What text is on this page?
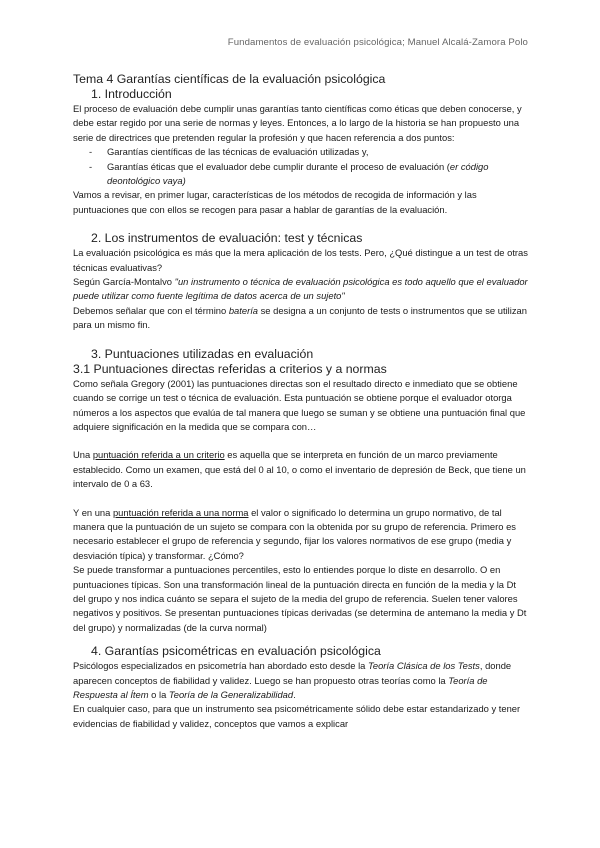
Fundamentos de evaluación psicológica; Manuel Alcalá-Zamora Polo
Tema 4 Garantías científicas de la evaluación psicológica
1. Introducción

El proceso de evaluación debe cumplir unas garantías tanto científicas como éticas que deben conocerse, y debe estar regido por una serie de normas y leyes. Entonces, a lo largo de la historia se han propuesto una serie de directrices que pretenden regular la profesión y que hacen referencia a dos puntos:

- Garantías científicas de las técnicas de evaluación utilizadas y,
- Garantías éticas que el evaluador debe cumplir durante el proceso de evaluación (er código deontológico vaya)

Vamos a revisar, en primer lugar, características de los métodos de recogida de información y las puntuaciones que con ellos se recogen para pasar a hablar de garantías de la evaluación.

2. Los instrumentos de evaluación: test y técnicas

La evaluación psicológica es más que la mera aplicación de los tests. Pero, ¿Qué distingue a un test de otras técnicas evaluativas?

Según García-Montalvo "un instrumento o técnica de evaluación psicológica es todo aquello que el evaluador puede utilizar como fuente legítima de datos acerca de un sujeto"

Debemos señalar que con el término batería se designa a un conjunto de tests o instrumentos que se utilizan para un mismo fin.

3. Puntuaciones utilizadas en evaluación
3.1 Puntuaciones directas referidas a criterios y a normas

Como señala Gregory (2001) las puntuaciones directas son el resultado directo e inmediato que se obtiene cuando se corrige un test o técnica de evaluación. Esta puntuación se obtiene porque el evaluador otorga números a los aspectos que evalúa de tal manera que luego se suman y se obtiene una puntuación final que adquiere significación en la medida que se compara con…

Una puntuación referida a un criterio es aquella que se interpreta en función de un marco previamente establecido. Como un examen, que está del 0 al 10, o como el inventario de depresión de Beck, que tiene un intervalo de 0 a 63.

Y en una puntuación referida a una norma el valor o significado lo determina un grupo normativo, de tal manera que la puntuación de un sujeto se compara con la obtenida por su grupo de referencia. Primero es necesario establecer el grupo de referencia y segundo, fijar los valores normativos de ese grupo (media y desviación típica) y transformar. ¿Cómo?

Se puede transformar a puntuaciones percentiles, esto lo entiendes porque lo diste en desarrollo. O en puntuaciones típicas. Son una transformación lineal de la puntuación directa en función de la media y la Dt del grupo y nos indica cuánto se separa el sujeto de la media del grupo de referencia. Suelen tener valores negativos y positivos. Se presentan puntuaciones típicas derivadas (se determina de antemano la media y Dt del grupo) y normalizadas (de la curva normal)

4. Garantías psicométricas en evaluación psicológica

Psicólogos especializados en psicometría han abordado esto desde la Teoría Clásica de los Tests, donde aparecen conceptos de fiabilidad y validez. Luego se han propuesto otras teorías como la Teoría de Respuesta al Ítem o la Teoría de la Generalizabilidad.

En cualquier caso, para que un instrumento sea psicométricamente sólido debe estar estandarizado y tener evidencias de fiabilidad y validez, conceptos que vamos a explicar
